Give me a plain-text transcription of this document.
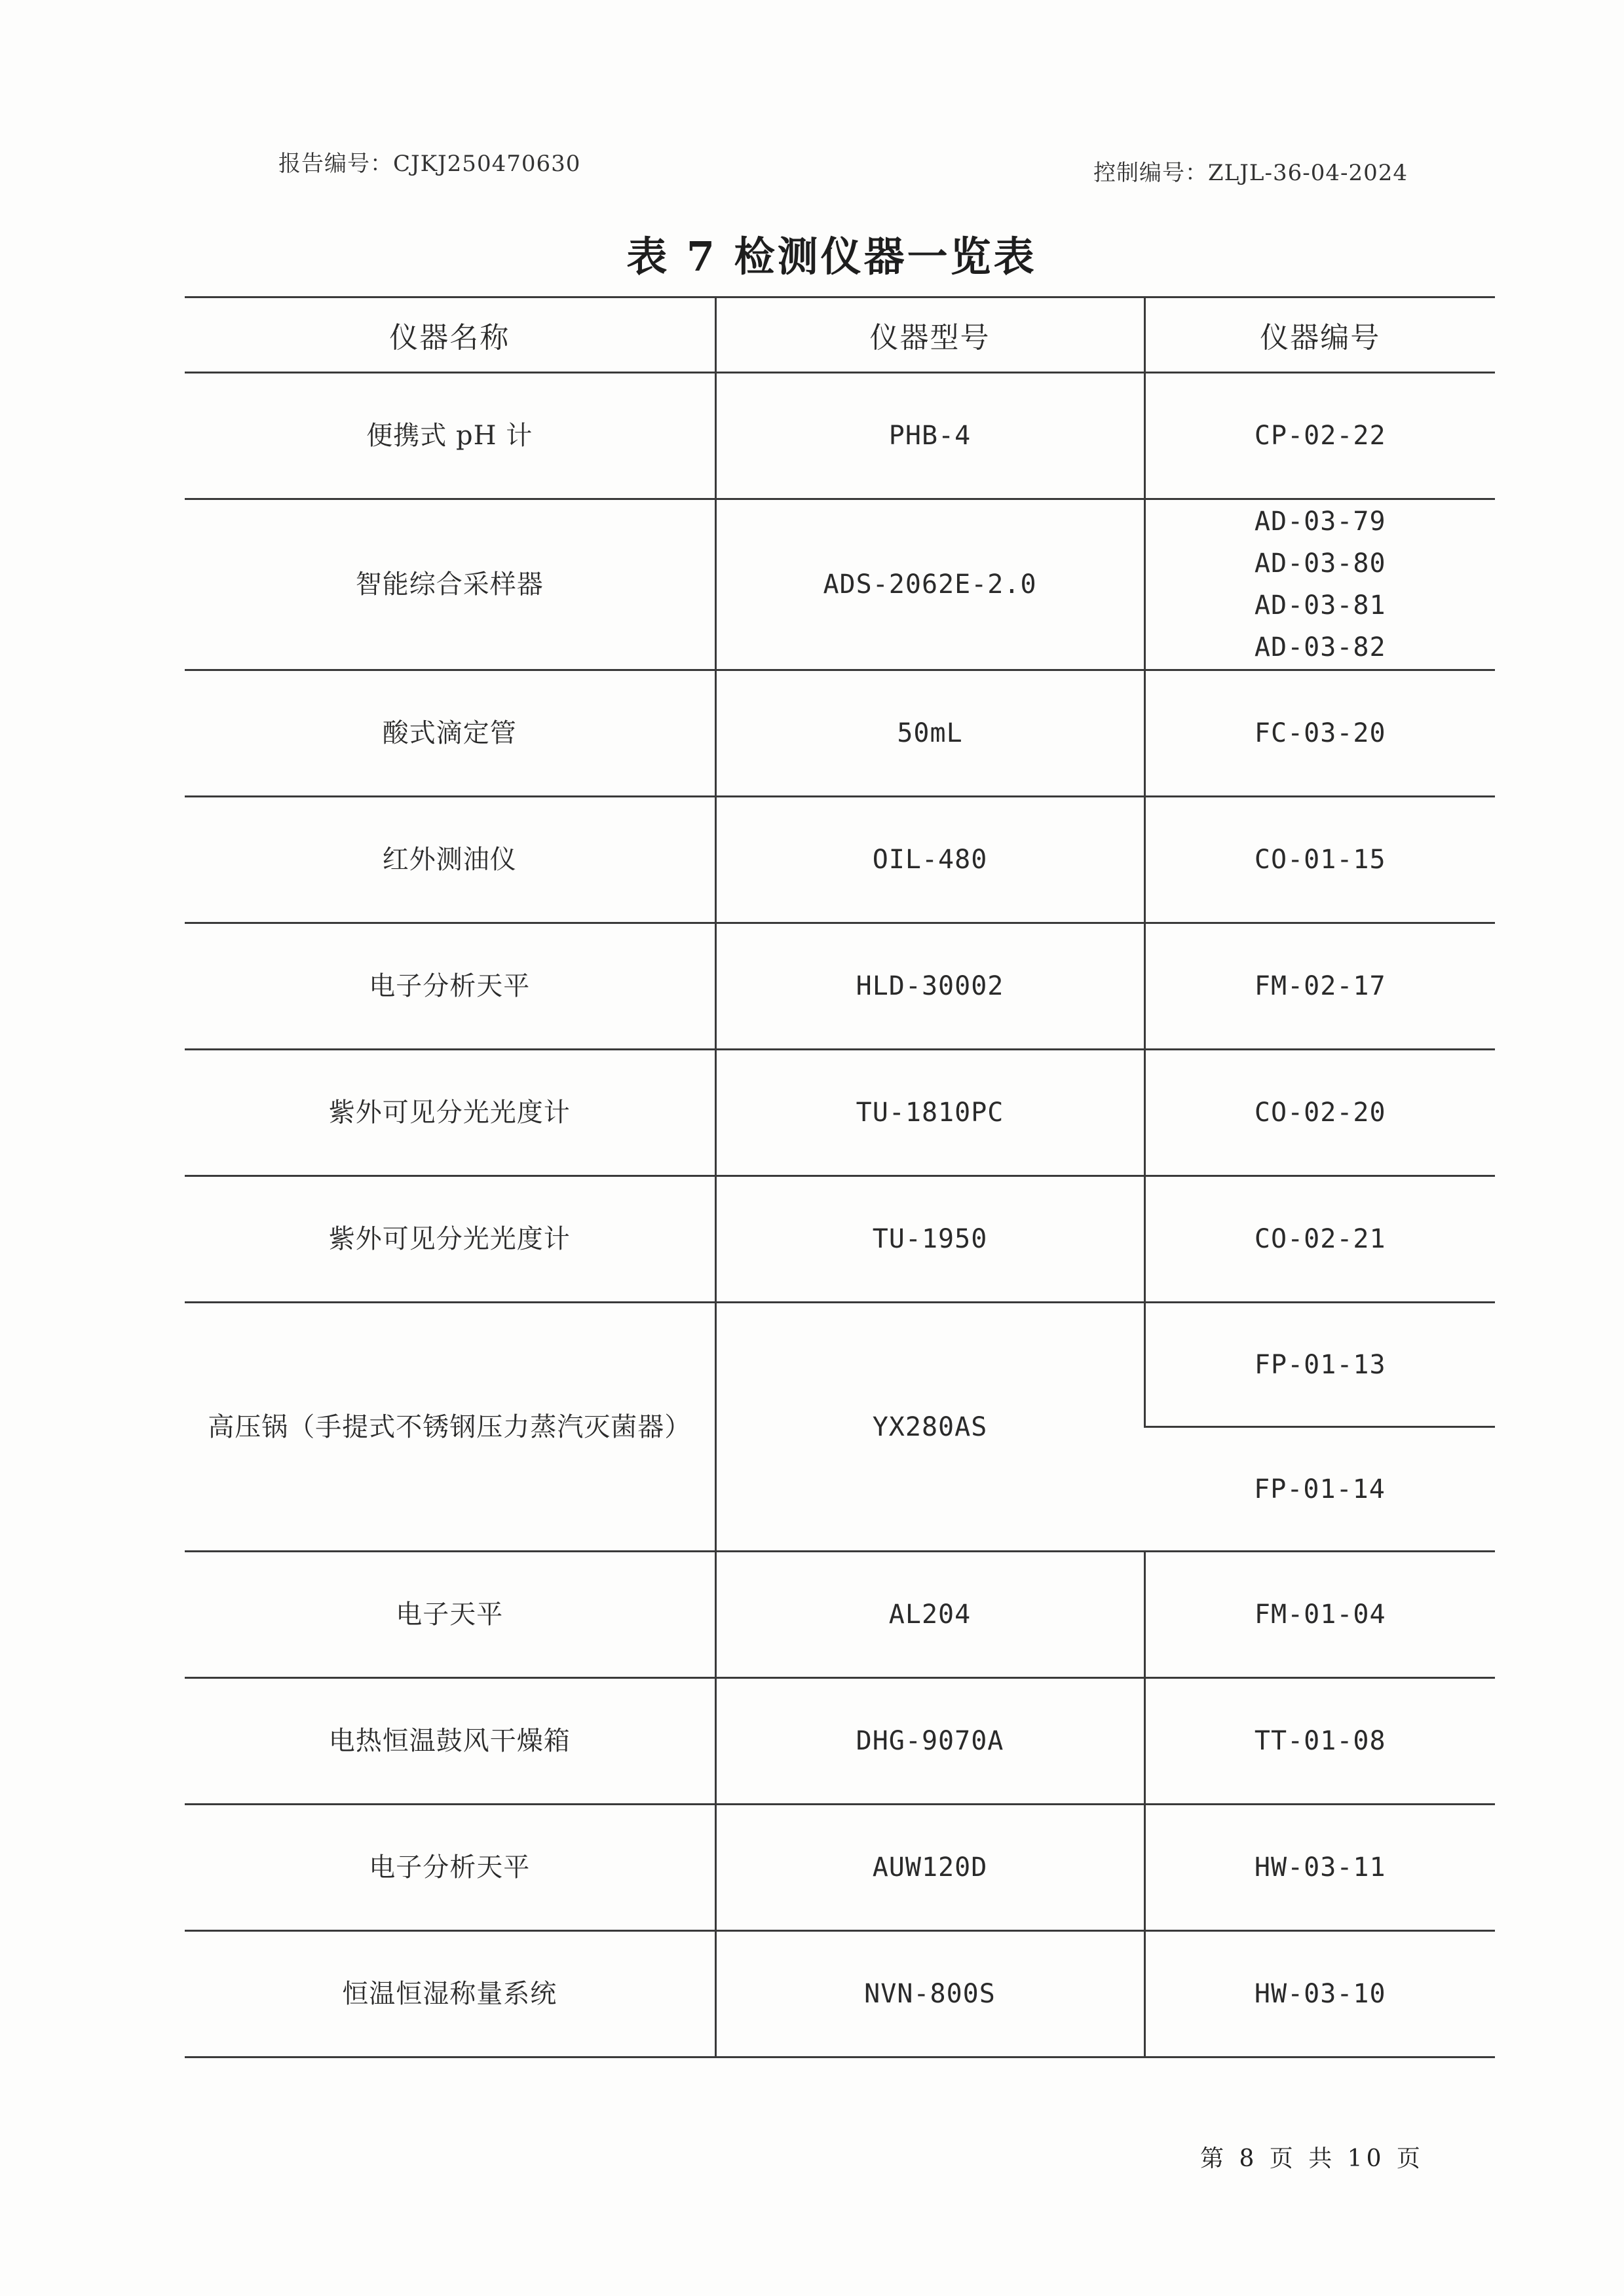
报告编号：CJKJ250470630	控制编号：ZLJL-36-04-2024
表 7 检测仪器一览表
仪器名称	仪器型号	仪器编号
便携式 pH 计	PHB-4	CP-02-22
智能综合采样器	ADS-2062E-2.0	AD-03-79
AD-03-80
AD-03-81
AD-03-82

酸式滴定管	50mL	FC-03-20
红外测油仪	OIL-480	CO-01-15
电子分析天平	HLD-30002	FM-02-17
紫外可见分光光度计	TU-1810PC	CO-02-20
紫外可见分光光度计	TU-1950	CO-02-21
高压锅（手提式不锈钢压力蒸汽灭菌器）	YX280AS	FP-01-13
		FP-01-14
电子天平	AL204	FM-01-04
电热恒温鼓风干燥箱	DHG-9070A	TT-01-08
电子分析天平	AUW120D	HW-03-11
恒温恒湿称量系统	NVN-800S	HW-03-10
第 8 页 共 10 页
